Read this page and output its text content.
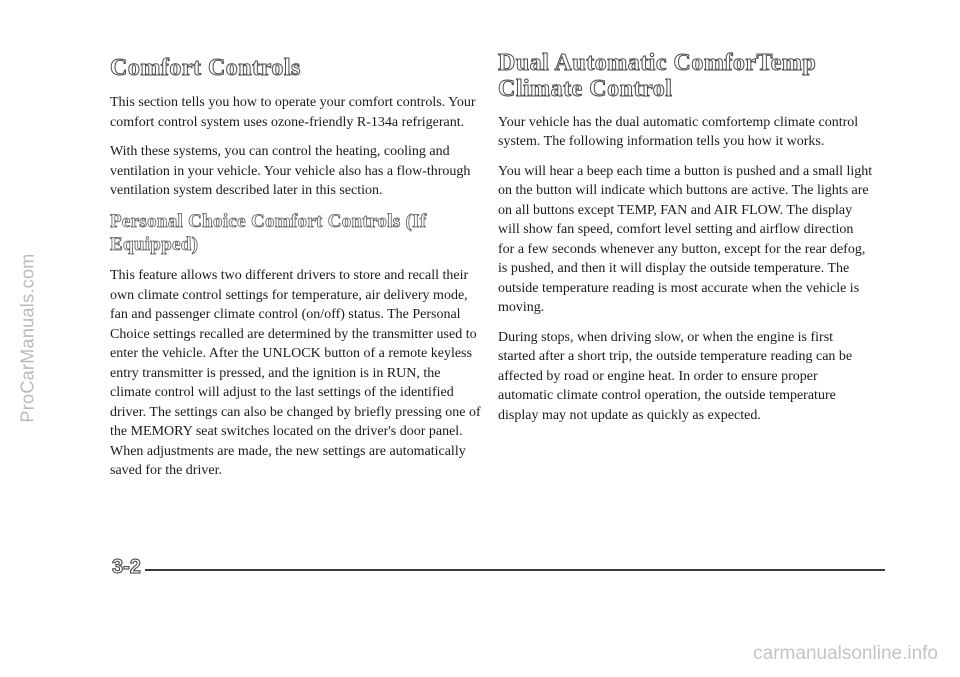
ProCarManuals.com
Comfort Controls

This section tells you how to operate your comfort controls. Your comfort control system uses ozone-friendly R-134a refrigerant.

With these systems, you can control the heating, cooling and ventilation in your vehicle. Your vehicle also has a flow-through ventilation system described later in this section.

Personal Choice Comfort Controls (If Equipped)

This feature allows two different drivers to store and recall their own climate control settings for temperature, air delivery mode, fan and passenger climate control (on/off) status. The Personal Choice settings recalled are determined by the transmitter used to enter the vehicle. After the UNLOCK button of a remote keyless entry transmitter is pressed, and the ignition is in RUN, the climate control will adjust to the last settings of the identified driver. The settings can also be changed by briefly pressing one of the MEMORY seat switches located on the driver's door panel. When adjustments are made, the new settings are automatically saved for the driver.

Dual Automatic ComforTemp Climate Control

Your vehicle has the dual automatic comfortemp climate control system. The following information tells you how it works.

You will hear a beep each time a button is pushed and a small light on the button will indicate which buttons are active. The lights are on all buttons except TEMP, FAN and AIR FLOW. The display will show fan speed, comfort level setting and airflow direction for a few seconds whenever any button, except for the rear defog, is pushed, and then it will display the outside temperature. The outside temperature reading is most accurate when the vehicle is moving.

During stops, when driving slow, or when the engine is first started after a short trip, the outside temperature reading can be affected by road or engine heat. In order to ensure proper automatic climate control operation, the outside temperature display may not update as quickly as expected.

3-2
carmanualsonline.info
